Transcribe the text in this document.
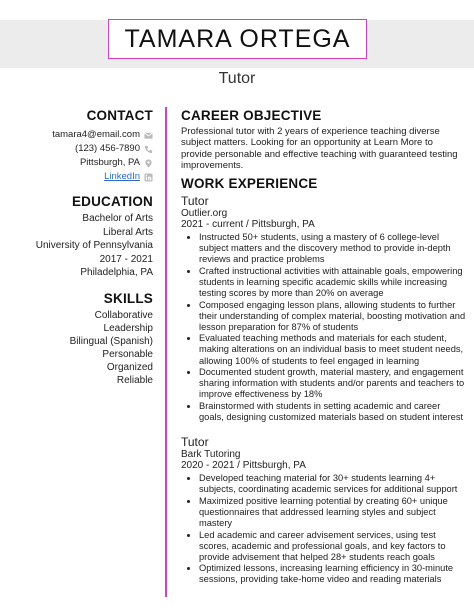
TAMARA ORTEGA
Tutor
CONTACT
tamara4@email.com
(123) 456-7890
Pittsburgh, PA
LinkedIn
EDUCATION
Bachelor of Arts
Liberal Arts
University of Pennsylvania
2017 - 2021
Philadelphia, PA
SKILLS
Collaborative
Leadership
Bilingual (Spanish)
Personable
Organized
Reliable
CAREER OBJECTIVE
Professional tutor with 2 years of experience teaching diverse subject matters. Looking for an opportunity at Learn More to provide personable and effective teaching with guaranteed testing improvements.
WORK EXPERIENCE
Tutor
Outlier.org
2021 - current / Pittsburgh, PA
• Instructed 50+ students, using a mastery of 6 college-level subject matters and the discovery method to provide in-depth reviews and practice problems
• Crafted instructional activities with attainable goals, empowering students in learning specific academic skills while increasing testing scores by more than 20% on average
• Composed engaging lesson plans, allowing students to further their understanding of complex material, boosting motivation and lesson preparation for 87% of students
• Evaluated teaching methods and materials for each student, making alterations on an individual basis to meet student needs, allowing 100% of students to feel engaged in learning
• Documented student growth, material mastery, and engagement sharing information with students and/or parents and teachers to improve effectiveness by 18%
• Brainstormed with students in setting academic and career goals, designing customized materials based on student interest
Tutor
Bark Tutoring
2020 - 2021 / Pittsburgh, PA
• Developed teaching material for 30+ students learning 4+ subjects, coordinating academic services for additional support
• Maximized positive learning potential by creating 60+ unique questionnaires that addressed learning styles and subject mastery
• Led academic and career advisement services, using test scores, academic and professional goals, and key factors to provide advisement that helped 28+ students reach goals
• Optimized lessons, increasing learning efficiency in 30-minute sessions, providing take-home video and reading materials
